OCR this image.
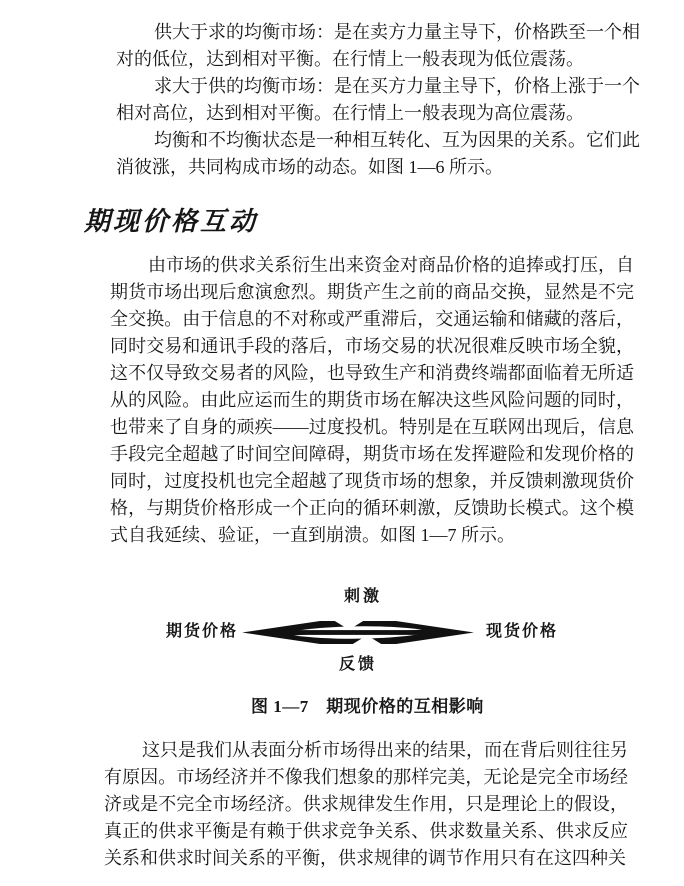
供大于求的均衡市场：是在卖方力量主导下，价格跌至一个相
对的低位，达到相对平衡。在行情上一般表现为低位震荡。
求大于供的均衡市场：是在买方力量主导下，价格上涨于一个
相对高位，达到相对平衡。在行情上一般表现为高位震荡。
均衡和不均衡状态是一种相互转化、互为因果的关系。它们此
消彼涨，共同构成市场的动态。如图 1—6 所示。
期现价格互动
由市场的供求关系衍生出来资金对商品价格的追捧或打压，自
期货市场出现后愈演愈烈。期货产生之前的商品交换，显然是不完
全交换。由于信息的不对称或严重滞后，交通运输和储藏的落后，
同时交易和通讯手段的落后，市场交易的状况很难反映市场全貌，
这不仅导致交易者的风险，也导致生产和消费终端都面临着无所适
从的风险。由此应运而生的期货市场在解决这些风险问题的同时，
也带来了自身的顽疾——过度投机。特别是在互联网出现后，信息
手段完全超越了时间空间障碍，期货市场在发挥避险和发现价格的
同时，过度投机也完全超越了现货市场的想象，并反馈刺激现货价
格，与期货价格形成一个正向的循环刺激，反馈助长模式。这个模
式自我延续、验证，一直到崩溃。如图 1—7 所示。
刺激
期货价格	现货价格
反馈
图 1—7　期现价格的互相影响
这只是我们从表面分析市场得出来的结果，而在背后则往往另
有原因。市场经济并不像我们想象的那样完美，无论是完全市场经
济或是不完全市场经济。供求规律发生作用，只是理论上的假设，
真正的供求平衡是有赖于供求竞争关系、供求数量关系、供求反应
关系和供求时间关系的平衡，供求规律的调节作用只有在这四种关
